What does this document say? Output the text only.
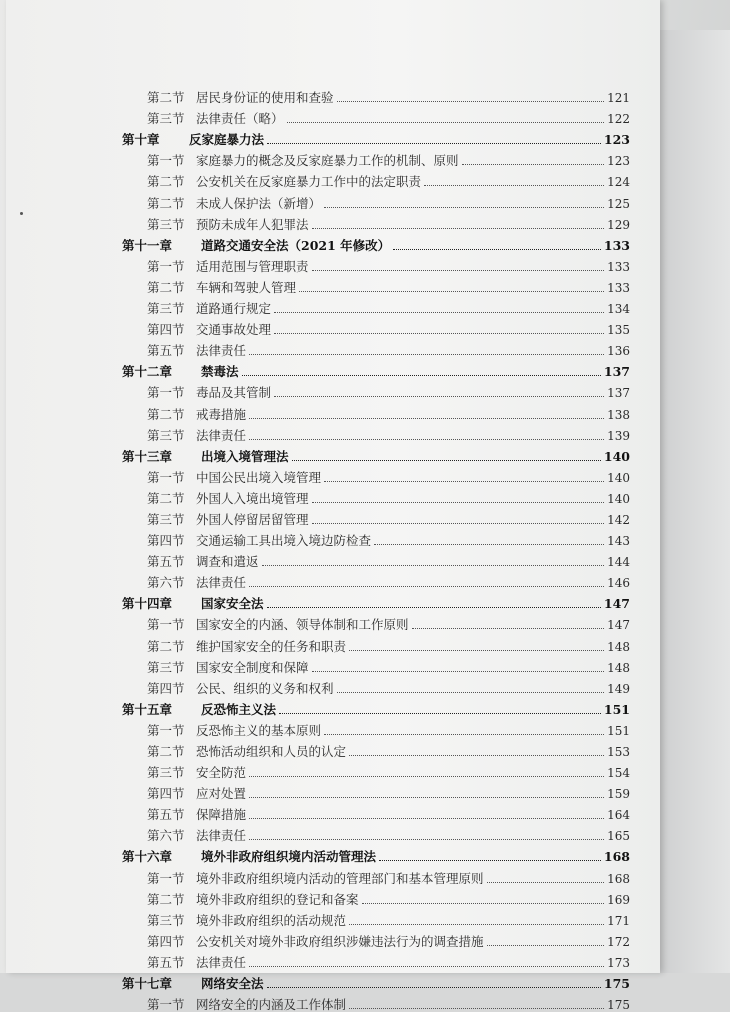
第二节 居民身份证的使用和查验	121
第三节 法律责任（略）	122
第十章	反家庭暴力法	123
第一节 家庭暴力的概念及反家庭暴力工作的机制、原则	123
第二节 公安机关在反家庭暴力工作中的法定职责	124
第二节 未成人保护法（新增）	125
第三节 预防未成年人犯罪法	129
第十一章	道路交通安全法（2021 年修改）	133
第一节 适用范围与管理职责	133
第二节 车辆和驾驶人管理	133
第三节 道路通行规定	134
第四节 交通事故处理	135
第五节 法律责任	136
第十二章	禁毒法	137
第一节 毒品及其管制	137
第二节 戒毒措施	138
第三节 法律责任	139
第十三章	出境入境管理法	140
第一节 中国公民出境入境管理	140
第二节 外国人入境出境管理	140
第三节 外国人停留居留管理	142
第四节 交通运输工具出境入境边防检查	143
第五节 调查和遣返	144
第六节 法律责任	146
第十四章	国家安全法	147
第一节 国家安全的内涵、领导体制和工作原则	147
第二节 维护国家安全的任务和职责	148
第三节 国家安全制度和保障	148
第四节 公民、组织的义务和权利	149
第十五章	反恐怖主义法	151
第一节 反恐怖主义的基本原则	151
第二节 恐怖活动组织和人员的认定	153
第三节 安全防范	154
第四节 应对处置	159
第五节 保障措施	164
第六节 法律责任	165
第十六章	境外非政府组织境内活动管理法	168
第一节 境外非政府组织境内活动的管理部门和基本管理原则	168
第二节 境外非政府组织的登记和备案	169
第三节 境外非政府组织的活动规范	171
第四节 公安机关对境外非政府组织涉嫌违法行为的调查措施	172
第五节 法律责任	173
第十七章	网络安全法	175
第一节 网络安全的内涵及工作体制	175
